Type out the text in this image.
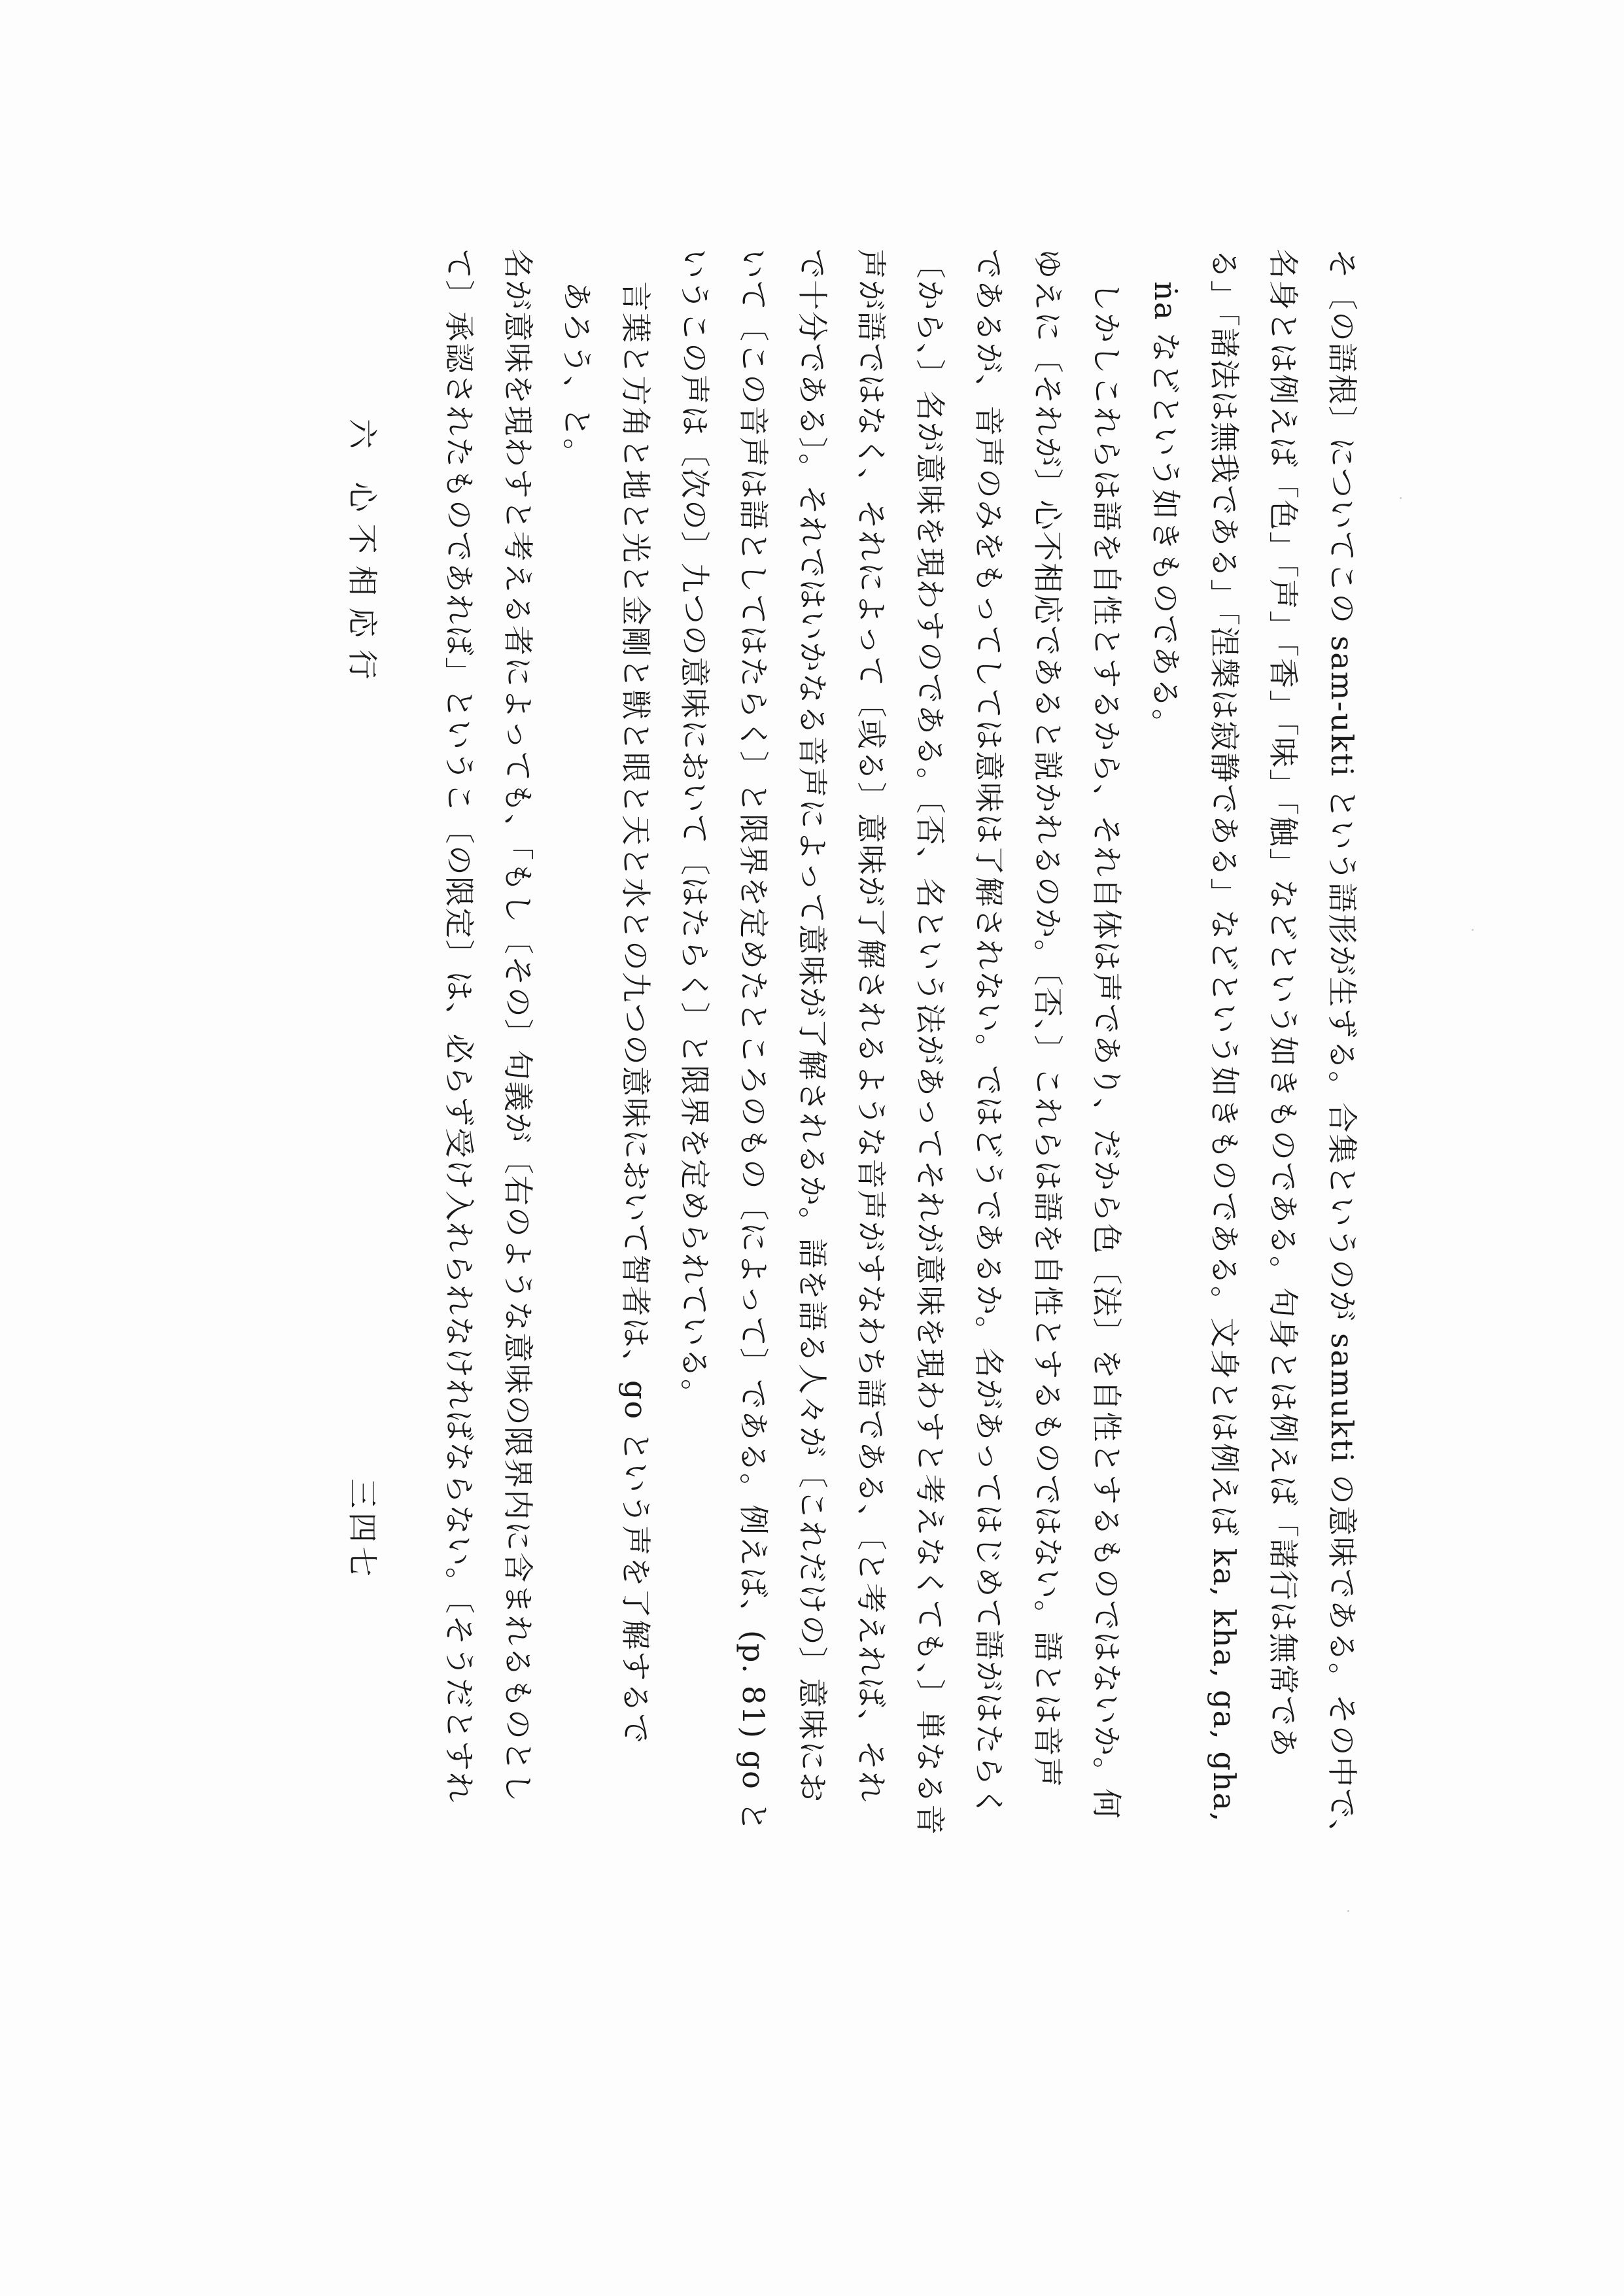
そ〔の語根〕についてこの sam-ukti という語形が生ずる。合集というのが samukti の意味である。その中で、
名身とは例えば「色」「声」「香」「味」「触」などという如きものである。句身とは例えば「諸行は無常であ
る」「諸法は無我である」「涅槃は寂静である」などという如きものである。文身とは例えば ka, kha, ga, gha,
ṅa などという如きものである。
しかしこれらは語を自性とするから、それ自体は声であり、だから色〔法〕を自性とするものではないか。何
ゆえに〔それが〕心不相応であると説かれるのか。〔否、〕これらは語を自性とするものではない。語とは音声
であるが、音声のみをもってしては意味は了解されない。ではどうであるか。名があってはじめて語がはたらく
〔から、〕名が意味を現わすのである。〔否、名という法があってそれが意味を現わすと考えなくても、〕単なる音
声が語ではなく、それによって〔或る〕意味が了解されるような音声がすなわち語である、〔と考えれば、それ
で十分である〕。それではいかなる音声によって意味が了解されるか。語を語る人々が〔これだけの〕意味にお
いて〔この音声は語としてはたらく〕と限界を定めたところのもの〔によって〕である。例えば、(p. 81) go と
いうこの声は〔次の〕九つの意味において〔はたらく〕と限界を定められている。
言葉と方角と地と光と金剛と獣と眼と天と水との九つの意味において智者は、go という声を了解するで
あろう、と。
名が意味を現わすと考える者によっても、「もし〔その〕句義が〔右のような意味の限界内に含まれるものとし
て〕承認されたものであれば」というこ〔の限定〕は、必らず受け入れられなければならない。〔そうだとすれ
六 心不相応行
三四七
